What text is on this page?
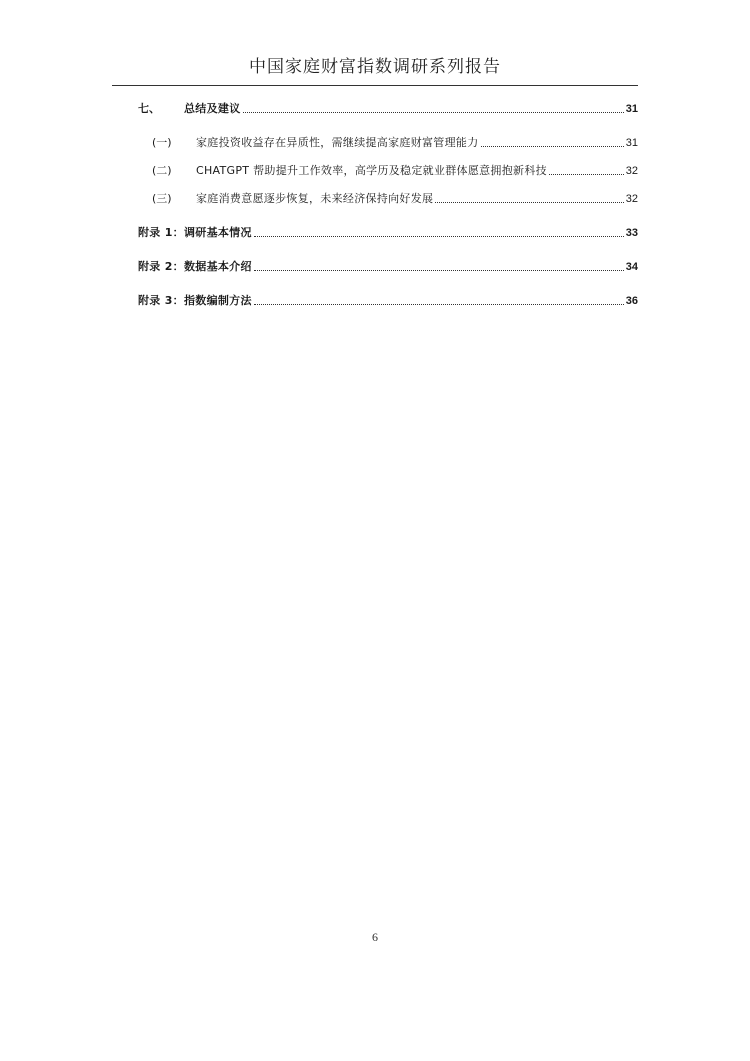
中国家庭财富指数调研系列报告
七、	总结及建议	31
(一)	家庭投资收益存在异质性，需继续提高家庭财富管理能力	31
(二)	CHATGPT 帮助提升工作效率，高学历及稳定就业群体愿意拥抱新科技	32
(三)	家庭消费意愿逐步恢复，未来经济保持向好发展	32
附录 1：调研基本情况	33
附录 2：数据基本介绍	34
附录 3：指数编制方法	36
6
